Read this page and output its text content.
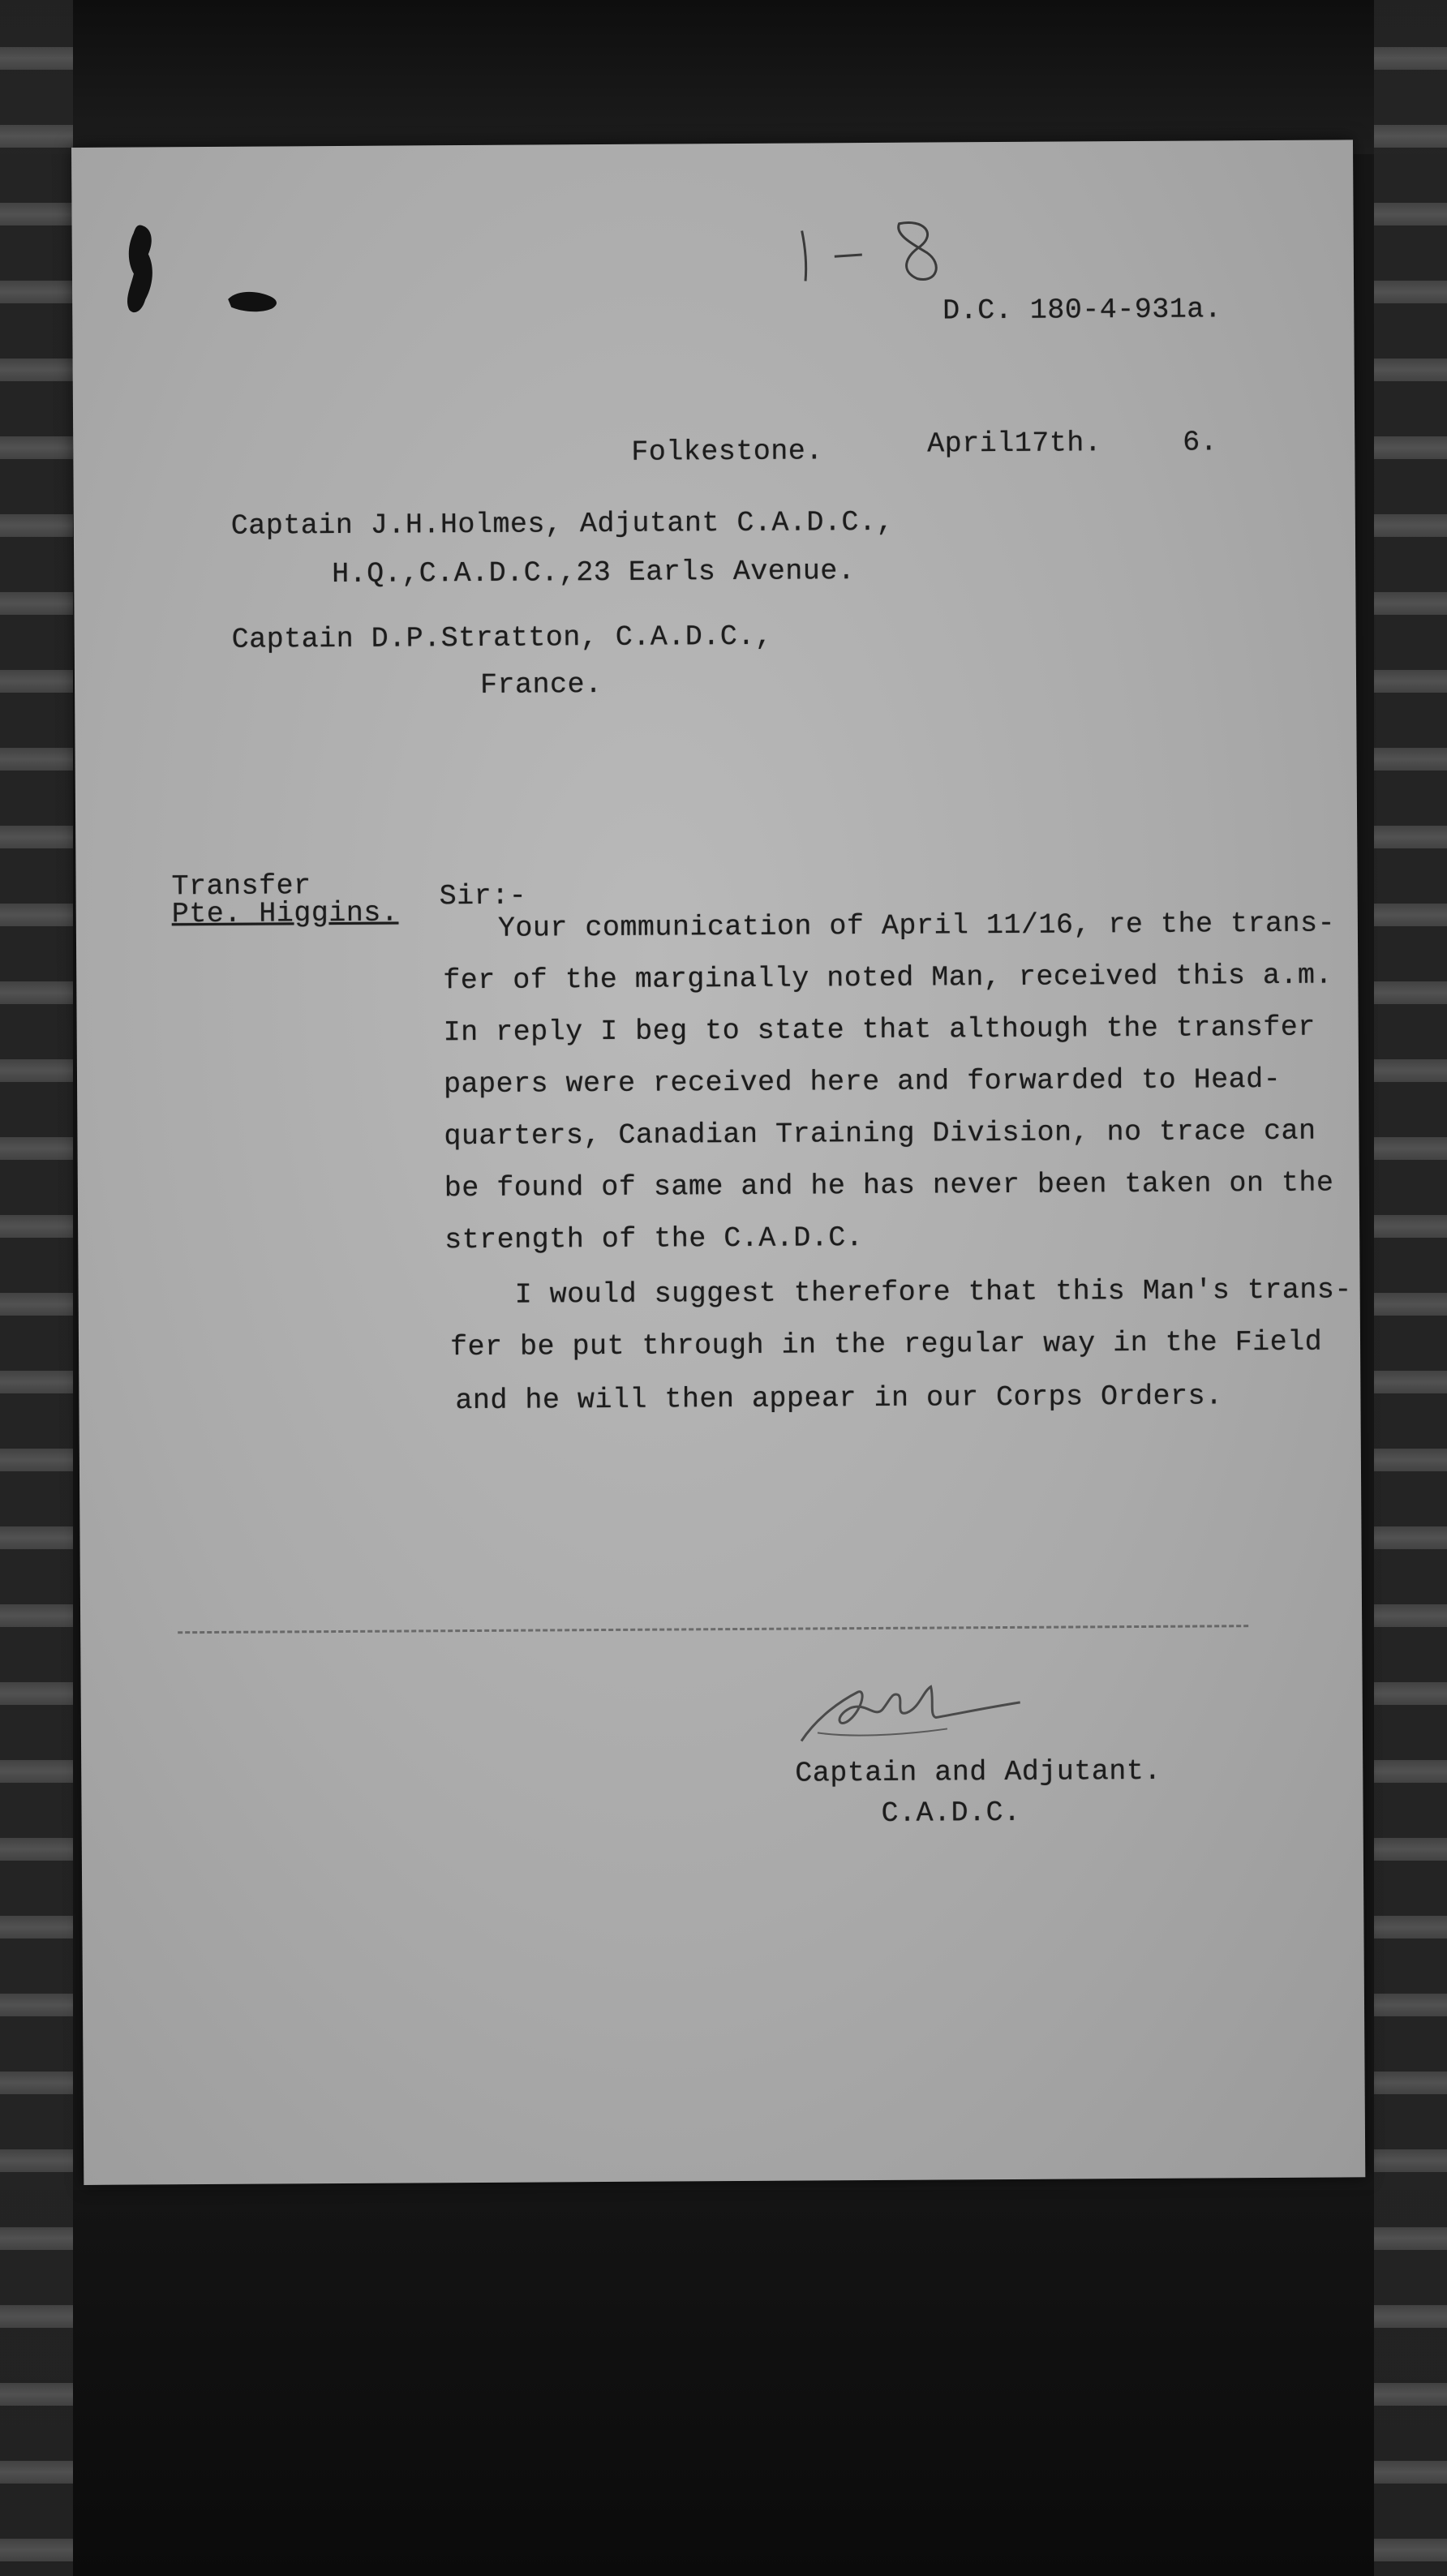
D.C. 180-4-931a.
Folkestone.	April17th.	6.
Captain J.H.Holmes, Adjutant C.A.D.C.,
H.Q.,C.A.D.C.,23 Earls Avenue.
Captain D.P.Stratton, C.A.D.C.,
France.
Transfer
Pte. Higgins.
Sir:-
Your communication of April 11/16, re the trans-
fer of the marginally noted Man, received this a.m.
In reply I beg to state that although the transfer
papers were received here and forwarded to Head-
quarters, Canadian Training Division, no trace can
be found of same and he has never been taken on the
strength of the C.A.D.C.
I would suggest therefore that this Man's trans-
fer be put through in the regular way in the Field
and he will then appear in our Corps Orders.
Captain and Adjutant.
C.A.D.C.
